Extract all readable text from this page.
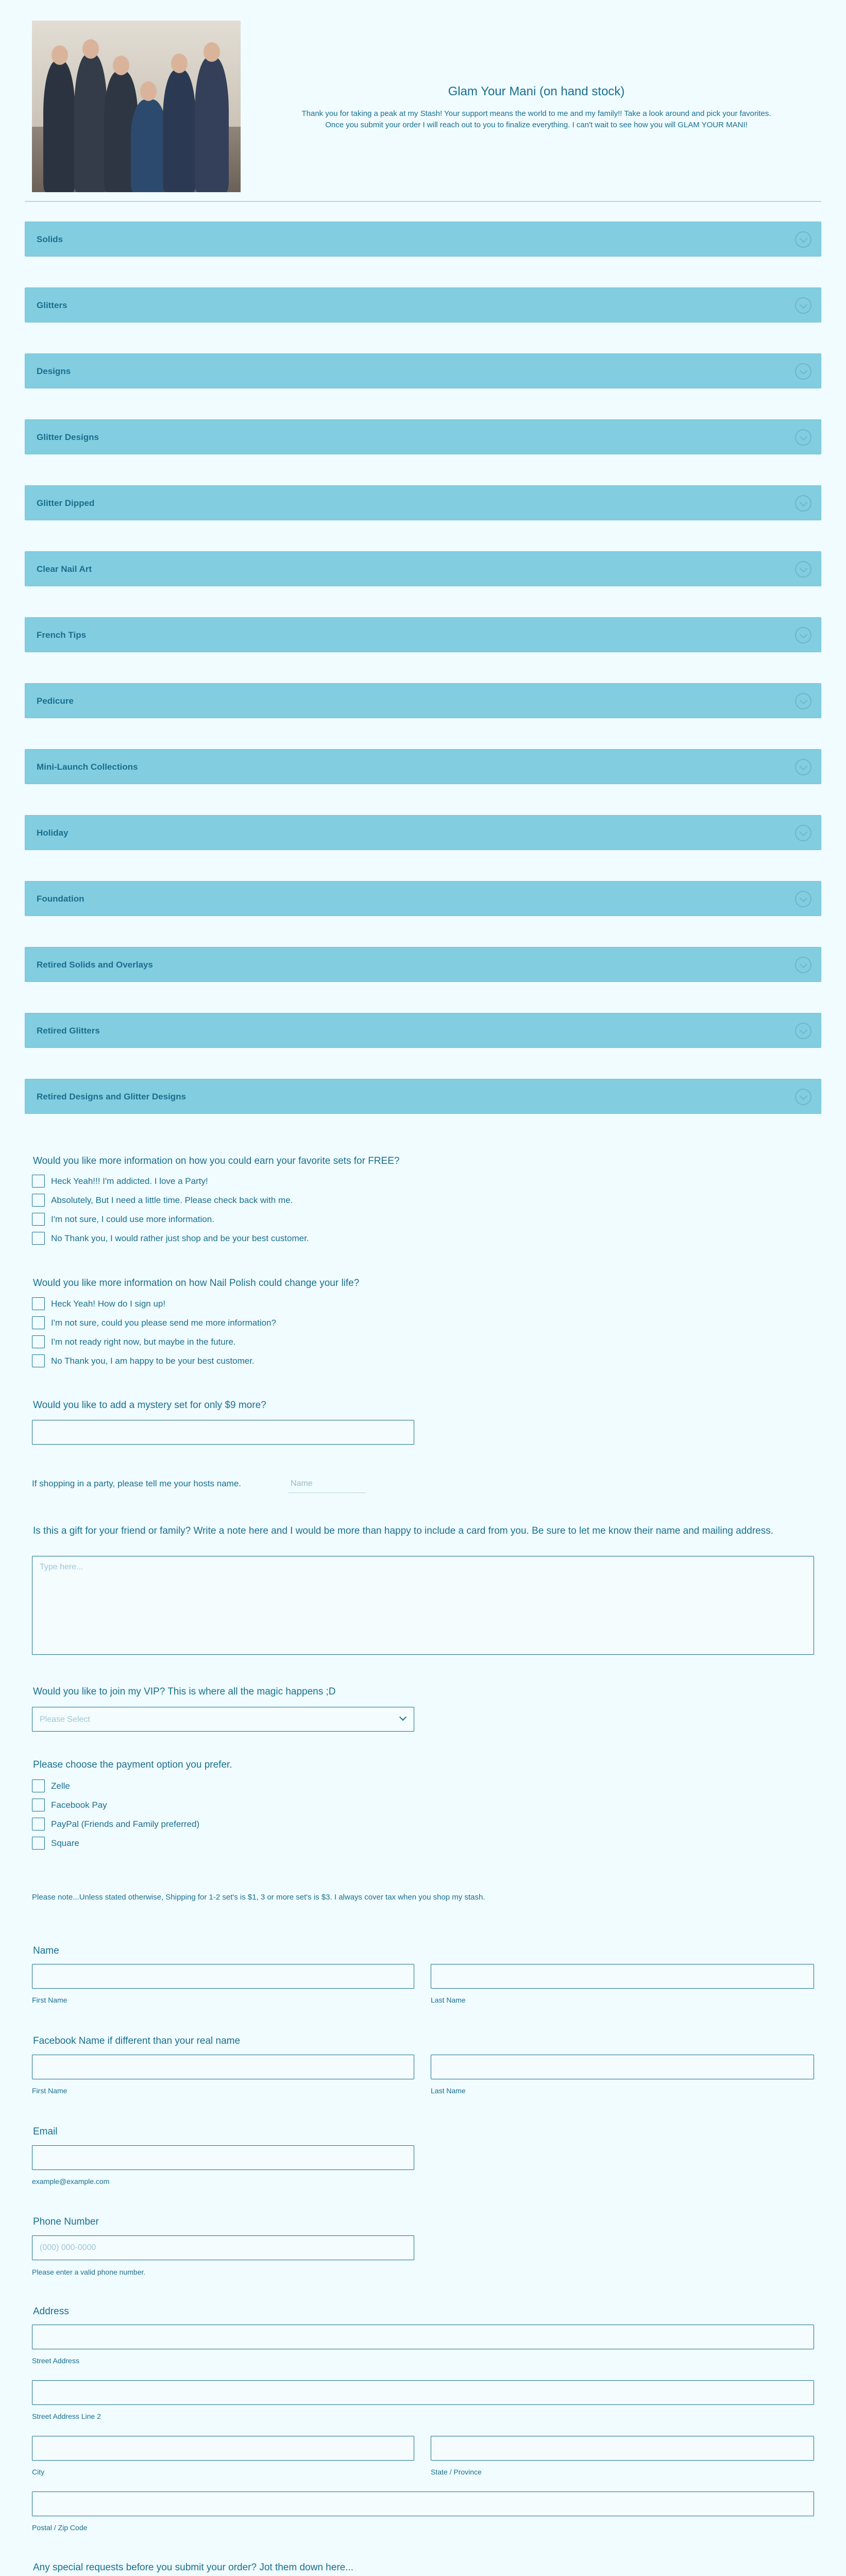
Glam Your Mani (on hand stock)

Thank you for taking a peak at my Stash! Your support means the world to me and my family!! Take a look around and pick your favorites.

Once you submit your order I will reach out to you to finalize everything. I can't wait to see how you will GLAM YOUR MANI!

Solids
Glitters
Designs
Glitter Designs
Glitter Dipped
Clear Nail Art
French Tips
Pedicure
Mini-Launch Collections
Holiday
Foundation
Retired Solids and Overlays
Retired Glitters
Retired Designs and Glitter Designs
Would you like more information on how you could earn your favorite sets for FREE?
Heck Yeah!!! I'm addicted. I love a Party!
Absolutely, But I need a little time. Please check back with me.
I'm not sure, I could use more information.
No Thank you, I would rather just shop and be your best customer.
Would you like more information on how Nail Polish could change your life?
Heck Yeah! How do I sign up!
I'm not sure, could you please send me more information?
I'm not ready right now, but maybe in the future.
No Thank you, I am happy to be your best customer.
Would you like to add a mystery set for only $9 more?
If shopping in a party, please tell me your hosts name.
Name
Is this a gift for your friend or family? Write a note here and I would be more than happy to include a card from you. Be sure to let me know their name and mailing address.
Type here...
Would you like to join my VIP? This is where all the magic happens ;D
Please Select
Please choose the payment option you prefer.
Zelle
Facebook Pay
PayPal (Friends and Family preferred)
Square
Please note...Unless stated otherwise, Shipping for 1-2 set's is $1, 3 or more set's is $3. I always cover tax when you shop my stash.
Name
First Name	Last Name
Facebook Name if different than your real name
First Name	Last Name
Email
example@example.com
Phone Number
(000) 000-0000
Please enter a valid phone number.
Address
Street Address
Street Address Line 2
City	State / Province
Postal / Zip Code
Any special requests before you submit your order? Jot them down here...
